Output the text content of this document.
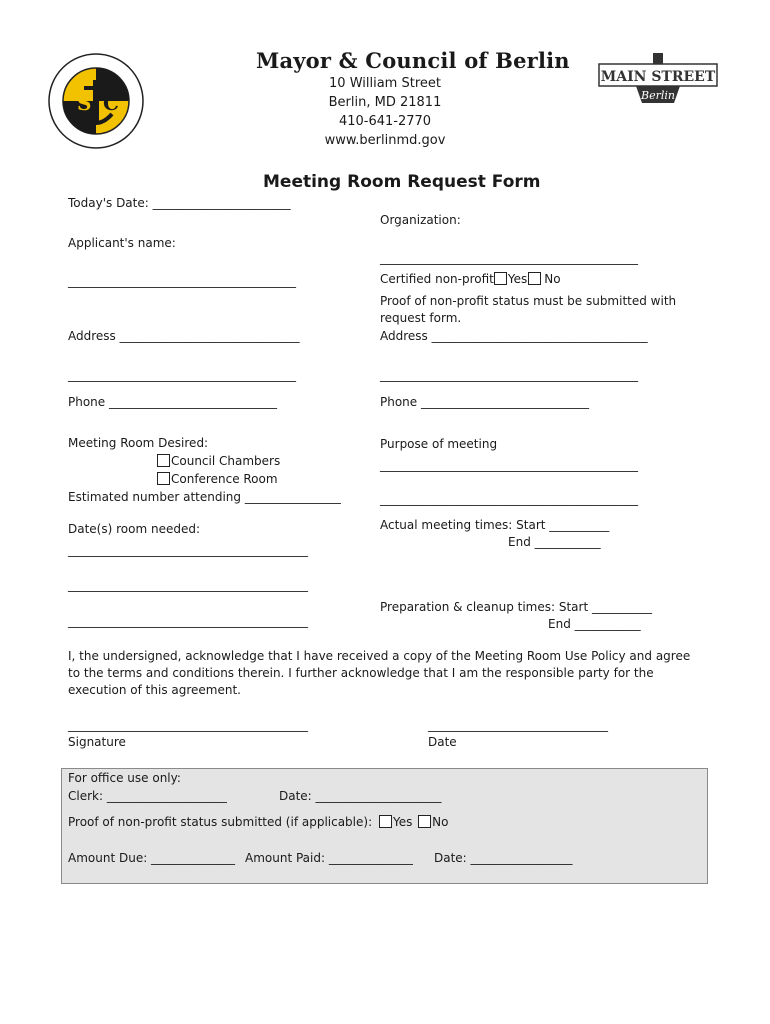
S C
Mayor & Council of Berlin
10 William Street
Berlin, MD 21811
410-641-2770
www.berlinmd.gov
MAIN STREET
Berlin
Meeting Room Request Form
Today's Date: _______________________
Applicant's name:
______________________________________
Address ______________________________
______________________________________
Phone ____________________________
Meeting Room Desired:
Council Chambers
Conference Room
Estimated number attending ________________
Date(s) room needed:
________________________________________
________________________________________
________________________________________
Organization:
___________________________________________
Certified non-profit Yes No
Proof of non-profit status must be submitted with
request form.
Address ____________________________________
___________________________________________
Phone ____________________________
Purpose of meeting
___________________________________________
___________________________________________
Actual meeting times: Start __________
End ___________
Preparation & cleanup times: Start __________
End ___________
I, the undersigned, acknowledge that I have received a copy of the Meeting Room Use Policy and agree to the terms and conditions therein. I further acknowledge that I am the responsible party for the execution of this agreement.
________________________________________
Signature
______________________________
Date
For office use only:
Clerk: ____________________	Date: _____________________
Proof of non-profit status submitted (if applicable): Yes No
Amount Due: ______________ Amount Paid: ______________ Date: _________________
